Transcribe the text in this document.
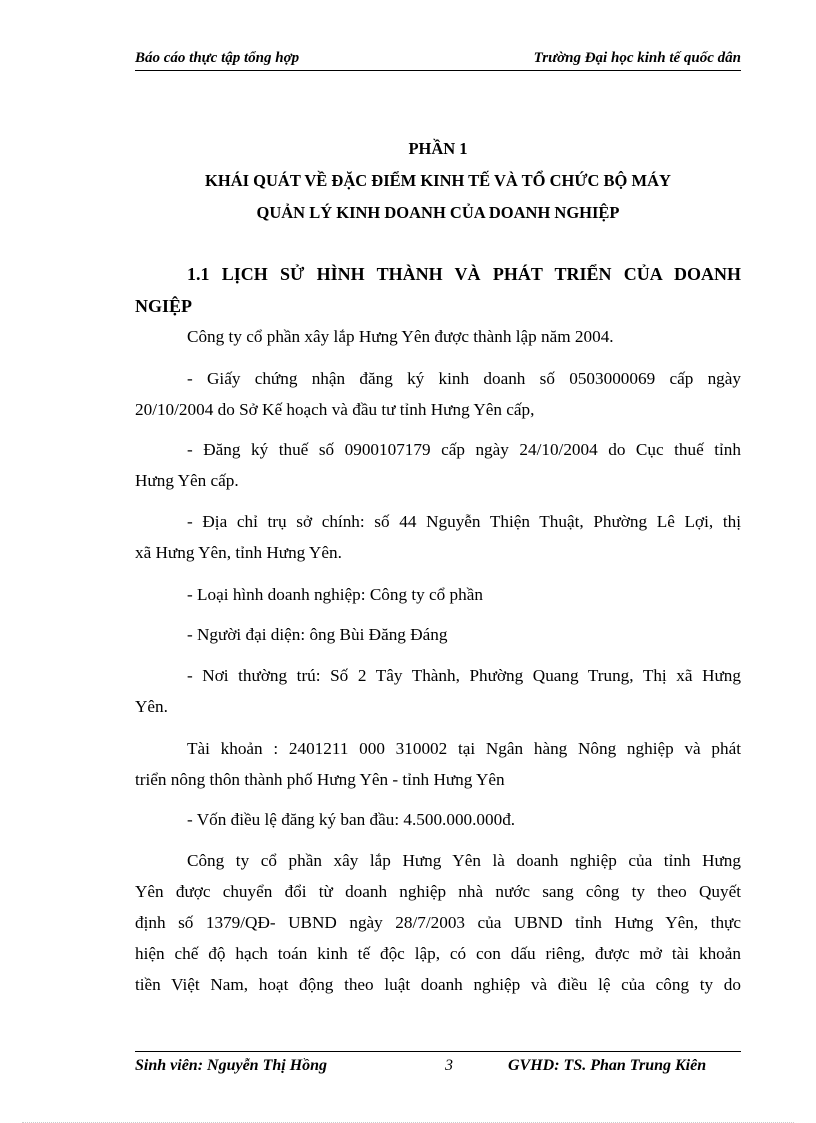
Báo cáo thực tập tổng hợp	Trường Đại học kinh tế quốc dân
PHẦN 1
KHÁI QUÁT VỀ ĐẶC ĐIỂM KINH TẾ VÀ TỔ CHỨC BỘ MÁY
QUẢN LÝ KINH DOANH CỦA DOANH NGHIỆP
1.1 LỊCH SỬ HÌNH THÀNH VÀ PHÁT TRIỂN CỦA DOANH
NGIỆP
Công ty cổ phần xây lắp Hưng Yên được thành lập năm 2004.
- Giấy chứng nhận đăng ký kinh doanh số 0503000069 cấp ngày
20/10/2004 do Sở Kế hoạch và đầu tư tỉnh Hưng Yên cấp,
- Đăng ký thuế số 0900107179 cấp ngày 24/10/2004 do Cục thuế tỉnh
Hưng Yên cấp.
- Địa chỉ trụ sở chính: số 44 Nguyễn Thiện Thuật, Phường Lê Lợi, thị
xã Hưng Yên, tỉnh Hưng Yên.
- Loại hình doanh nghiệp: Công ty cổ phần
- Người đại diện: ông Bùi Đăng Đáng
- Nơi thường trú: Số 2 Tây Thành, Phường Quang Trung, Thị xã Hưng
Yên.
Tài khoản : 2401211 000 310002 tại Ngân hàng Nông nghiệp và phát
triển nông thôn thành phố Hưng Yên - tỉnh Hưng Yên
- Vốn điều lệ đăng ký ban đầu: 4.500.000.000đ.
Công ty cổ phần xây lắp Hưng Yên là doanh nghiệp của tỉnh Hưng
Yên được chuyển đổi từ doanh nghiệp nhà nước sang công ty theo Quyết
định số 1379/QĐ- UBND ngày 28/7/2003 của UBND tỉnh Hưng Yên, thực
hiện chế độ hạch toán kinh tế độc lập, có con dấu riêng, được mở tài khoản
tiền Việt Nam, hoạt động theo luật doanh nghiệp và điều lệ của công ty do
Sinh viên: Nguyễn Thị Hồng	3	GVHD: TS. Phan Trung Kiên
